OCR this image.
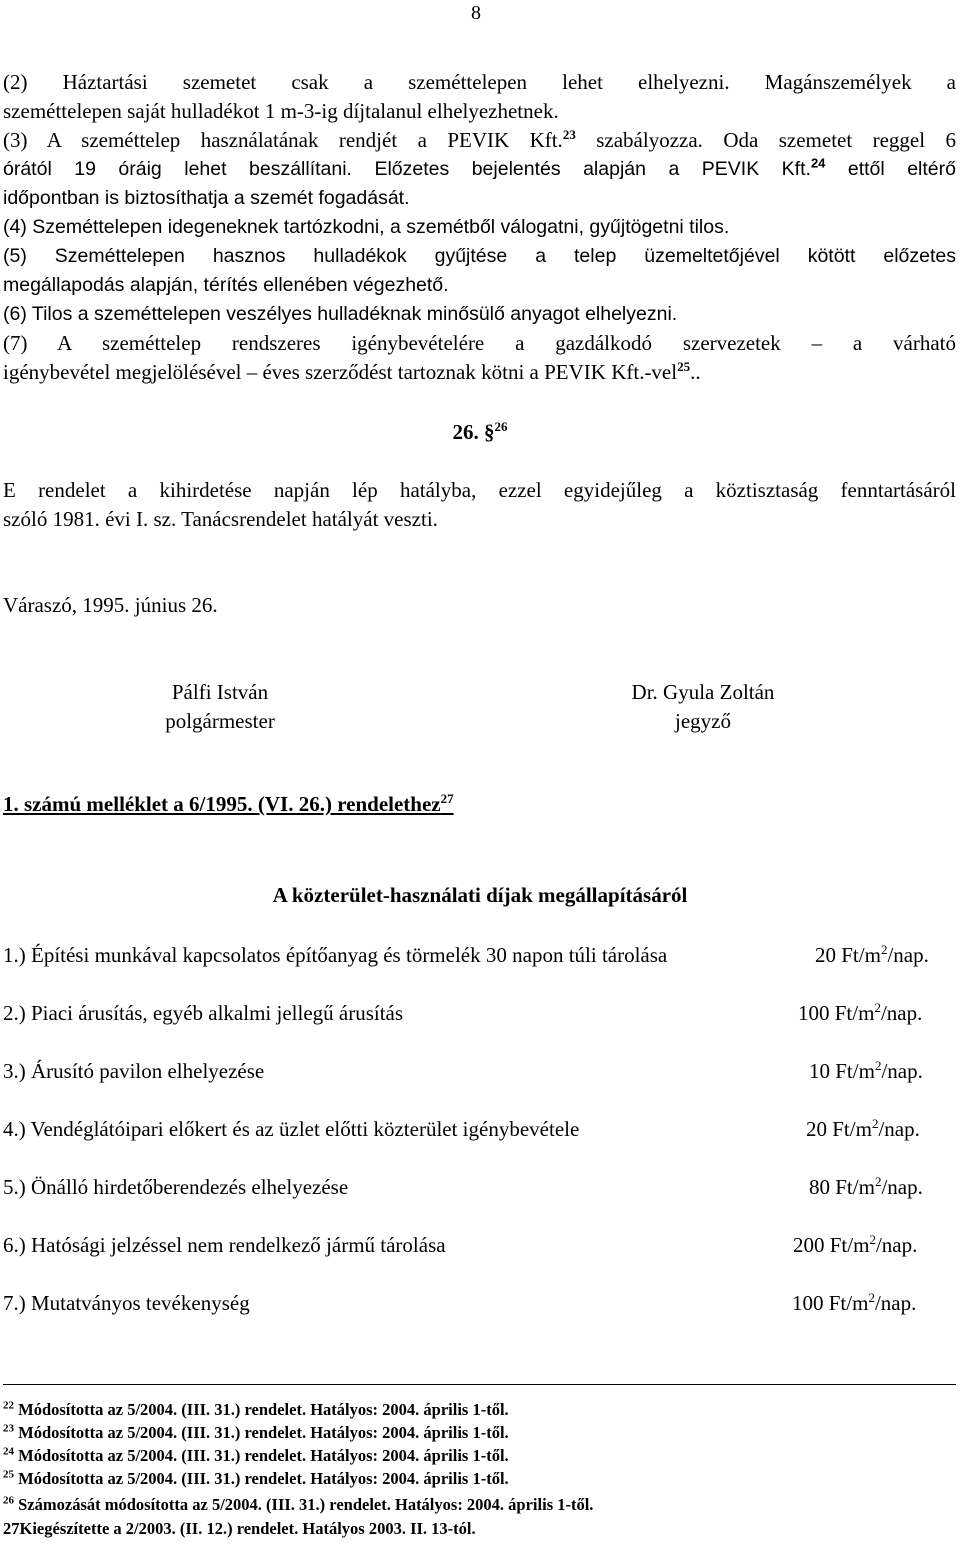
8
(2) Háztartási szemetet csak a szeméttelepen lehet elhelyezni. Magánszemélyek a
szeméttelepen saját hulladékot 1 m-3-ig díjtalanul elhelyezhetnek.
(3) A szeméttelep használatának rendjét a PEVIK Kft.$^{23}$ szabályozza. Oda szemetet reggel 6
órától 19 óráig lehet beszállítani. Előzetes bejelentés alapján a PEVIK Kft.$^{24}$ ettől eltérő
időpontban is biztosíthatja a szemét fogadását.
(4) Szeméttelepen idegeneknek tartózkodni, a szemétből válogatni, gyűjtögetni tilos.
(5) Szeméttelepen hasznos hulladékok gyűjtése a telep üzemeltetőjével kötött előzetes
megállapodás alapján, térítés ellenében végezhető.
(6) Tilos a szeméttelepen veszélyes hulladéknak minősülő anyagot elhelyezni.
(7) A szeméttelep rendszeres igénybevételére a gazdálkodó szervezetek – a várható
igénybevétel megjelölésével – éves szerződést tartoznak kötni a PEVIK Kft.-vel$^{25}$..
26. §$^{26}$
E rendelet a kihirdetése napján lép hatályba, ezzel egyidejűleg a köztisztaság fenntartásáról
szóló 1981. évi I. sz. Tanácsrendelet hatályát veszti.
Váraszó, 1995. június 26.
Pálfi István
polgármester
Dr. Gyula Zoltán
jegyző
1. számú melléklet a 6/1995. (VI. 26.) rendelethez$^{27}$
A közterület-használati díjak megállapításáról
1.) Építési munkával kapcsolatos építőanyag és törmelék 30 napon túli tárolása	20 $Ft/m^2$/nap.
2.) Piaci árusítás, egyéb alkalmi jellegű árusítás	100 $Ft/m^2$/nap.
3.) Árusító pavilon elhelyezése	10 $Ft/m^2$/nap.
4.) Vendéglátóipari előkert és az üzlet előtti közterület igénybevétele	20 $Ft/m^2$/nap.
5.) Önálló hirdetőberendezés elhelyezése	80 $Ft/m^2$/nap.
6.) Hatósági jelzéssel nem rendelkező jármű tárolása	200 $Ft/m^2$/nap.
7.) Mutatványos tevékenység	100 $Ft/m^2$/nap.
$^{22}$ Módosította az 5/2004. (III. 31.) rendelet. Hatályos: 2004. április 1-től.
$^{23}$ Módosította az 5/2004. (III. 31.) rendelet. Hatályos: 2004. április 1-től.
$^{24}$ Módosította az 5/2004. (III. 31.) rendelet. Hatályos: 2004. április 1-től.
$^{25}$ Módosította az 5/2004. (III. 31.) rendelet. Hatályos: 2004. április 1-től.
$^{26}$ Számozását módosította az 5/2004. (III. 31.) rendelet. Hatályos: 2004. április 1-től.
27Kiegészítette a 2/2003. (II. 12.) rendelet. Hatályos 2003. II. 13-tól.
